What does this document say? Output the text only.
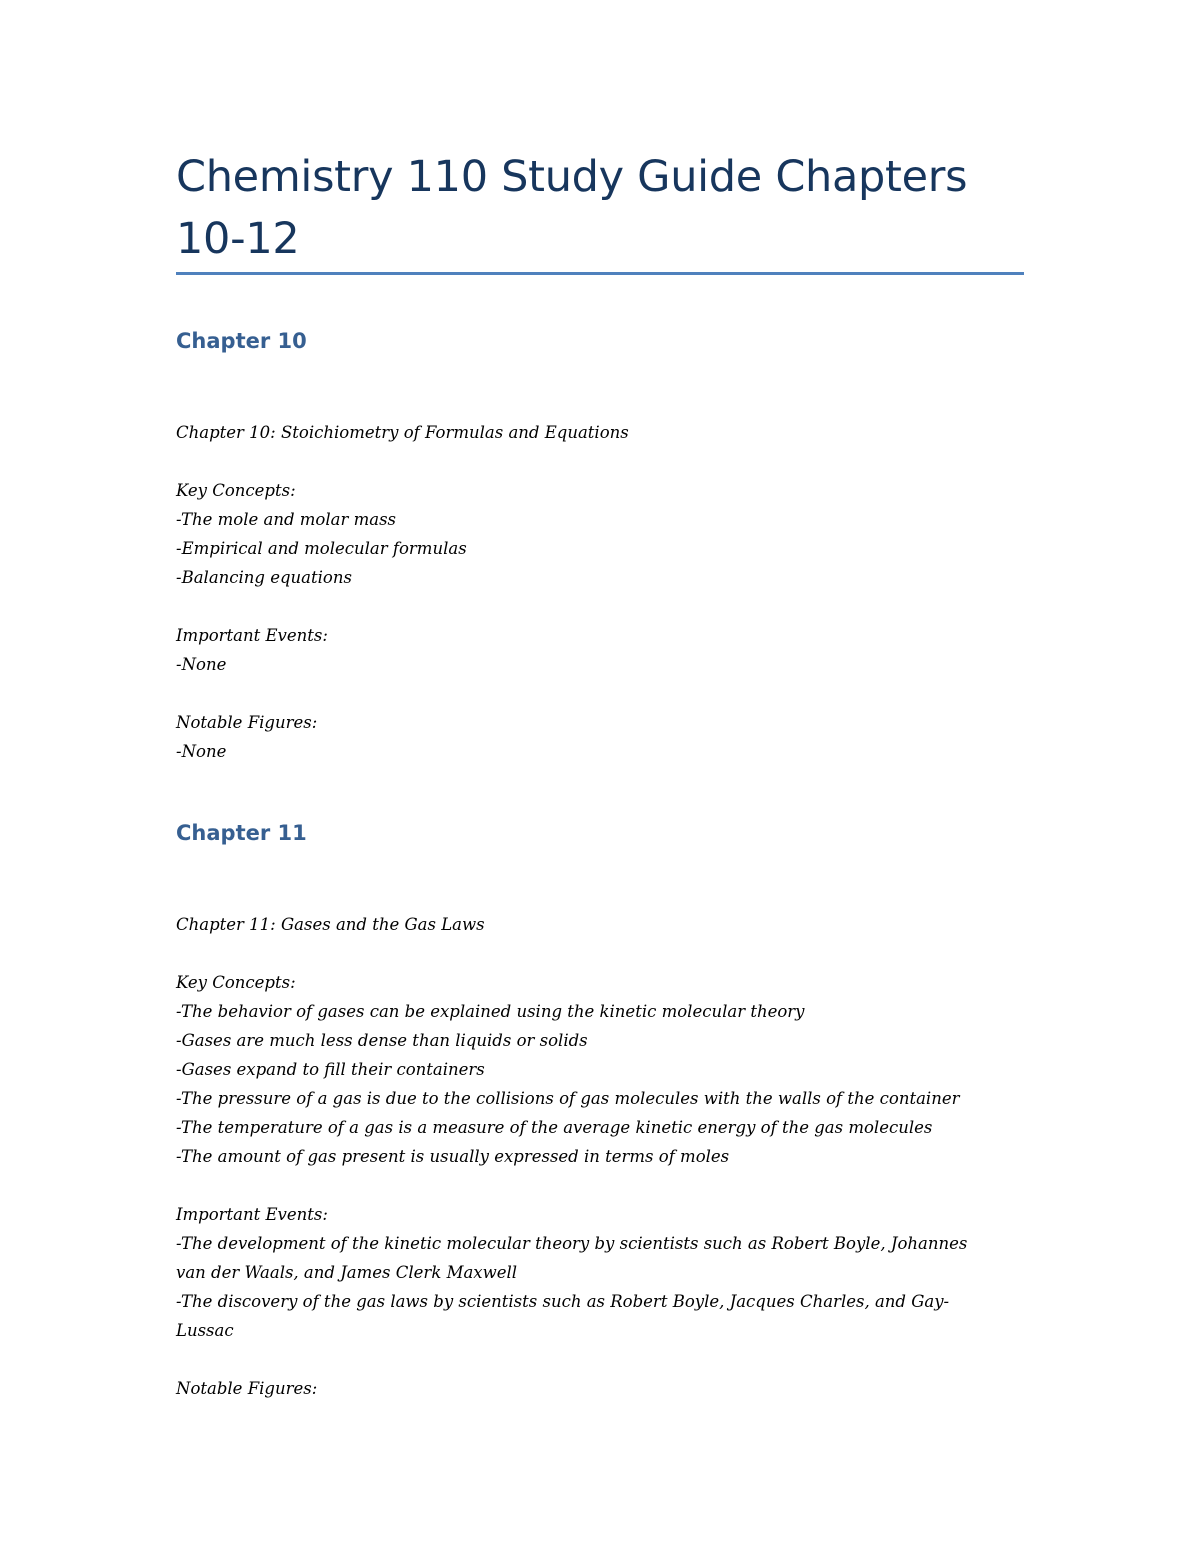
Chemistry 110 Study Guide Chapters
10-12
Chapter 10
Chapter 10: Stoichiometry of Formulas and Equations
Key Concepts:
-The mole and molar mass
-Empirical and molecular formulas
-Balancing equations
Important Events:
-None
Notable Figures:
-None
Chapter 11
Chapter 11: Gases and the Gas Laws
Key Concepts:
-The behavior of gases can be explained using the kinetic molecular theory
-Gases are much less dense than liquids or solids
-Gases expand to fill their containers
-The pressure of a gas is due to the collisions of gas molecules with the walls of the container
-The temperature of a gas is a measure of the average kinetic energy of the gas molecules
-The amount of gas present is usually expressed in terms of moles
Important Events:
-The development of the kinetic molecular theory by scientists such as Robert Boyle, Johannes
van der Waals, and James Clerk Maxwell
-The discovery of the gas laws by scientists such as Robert Boyle, Jacques Charles, and Gay-
Lussac
Notable Figures:
